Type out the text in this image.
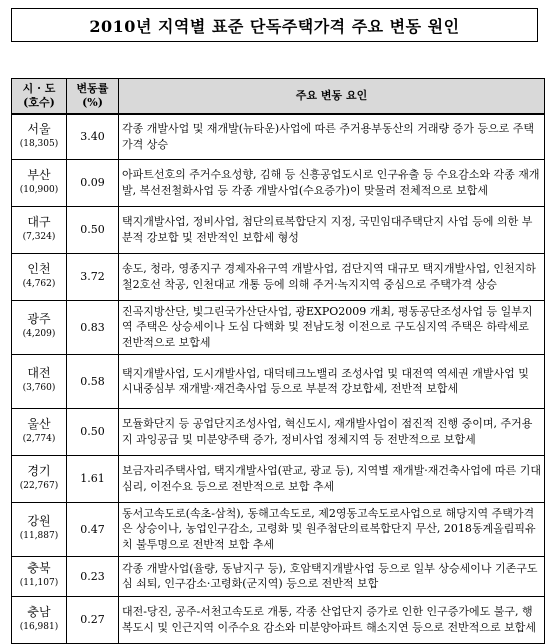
2010년 지역별 표준 단독주택가격 주요 변동 원인
시 · 도
(호수)	변동률
(%)	주요 변동 요인
서울
(18,305)	3.40	각종 개발사업 및 재개발(뉴타운)사업에 따른 주거용부동산의 거래량 증가 등으로 주택가격 상승
부산
(10,900)	0.09	아파트선호의 주거수요성향, 김해 등 신흥공업도시로 인구유출 등 수요감소와 각종 재개발, 복선전철화사업 등 각종 개발사업(수요증가)이 맞물려 전체적으로 보합세
대구
(7,324)	0.50	택지개발사업, 정비사업, 첨단의료복합단지 지정, 국민임대주택단지 사업 등에 의한 부분적 강보합 및 전반적인 보합세 형성
인천
(4,762)	3.72	송도, 청라, 영종지구 경제자유구역 개발사업, 검단지역 대규모 택지개발사업, 인천지하철2호선 착공, 인천대교 개통 등에 의해 주거·녹지지역 중심으로 주택가격 상승
광주
(4,209)	0.83	진곡지방산단, 빛그린국가산단사업, 광EXPO2009 개최, 평동공단조성사업 등 일부지역 주택은 상승세이나 도심 다핵화 및 전남도청 이전으로 구도심지역 주택은 하락세로 전반적으로 보합세
대전
(3,760)	0.58	택지개발사업, 도시개발사업, 대덕테크노밸리 조성사업 및 대전역 역세권 개발사업 및 시내중심부 재개발·재건축사업 등으로 부분적 강보합세, 전반적 보합세
울산
(2,774)	0.50	모듈화단지 등 공업단지조성사업, 혁신도시, 재개발사업이 점진적 진행 중이며, 주거용지 과잉공급 및 미분양주택 증가, 정비사업 정체지역 등 전반적으로 보합세
경기
(22,767)	1.61	보금자리주택사업, 택지개발사업(판교, 광교 등), 지역별 재개발·재건축사업에 따른 기대심리, 이전수요 등으로 전반적으로 보합 추세
강원
(11,887)	0.47	동서고속도로(속초-삼척), 동해고속도로, 제2영동고속도로사업으로 해당지역 주택가격은 상승이나, 농업인구감소, 고령화 및 원주첨단의료복합단지 무산, 2018동계올림픽유치 불투명으로 전반적 보합 추세
충북
(11,107)	0.23	각종 개발사업(율량, 동남지구 등), 호암택지개발사업 등으로 일부 상승세이나 기존구도심 쇠퇴, 인구감소·고령화(군지역) 등으로 전반적 보합
충남
(16,981)	0.27	대전-당진, 공주-서천고속도로 개통, 각종 산업단지 증가로 인한 인구증가에도 불구, 행복도시 및 인근지역 이주수요 감소와 미분양아파트 해소지연 등으로 전반적으로 보합세
